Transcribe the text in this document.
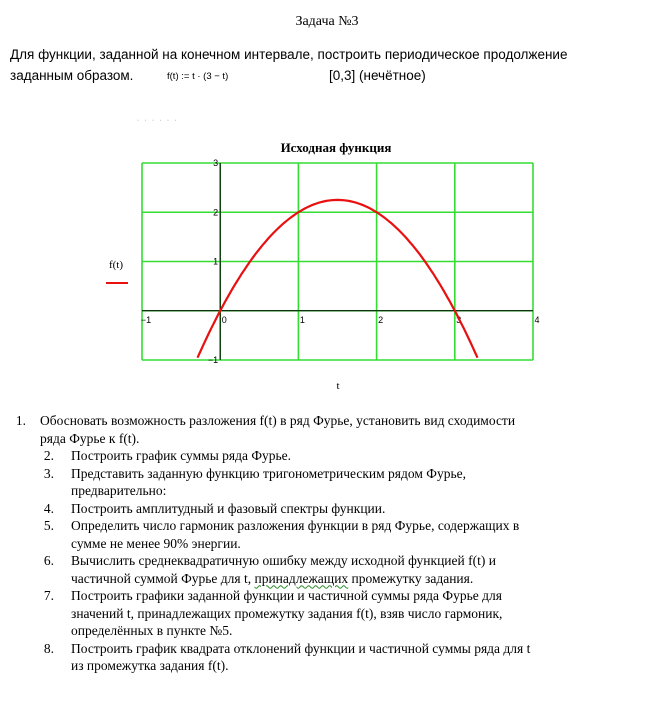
Задача №3
Для функции, заданной на конечном интервале, построить периодическое продолжение
заданным образом.	f(t) := t · (3 − t)	[0,3] (нечётное)
· · · · · ·
−1	0	1	2	3	4
−1
1
2
3
Исходная функция
f(t)
t
1. Обосновать возможность разложения f(t) в ряд Фурье, установить вид сходимости
ряда Фурье к f(t).
2. Построить график суммы ряда Фурье.
3. Представить заданную функцию тригонометрическим рядом Фурье,
предварительно:
4. Построить амплитудный и фазовый спектры функции.
5. Определить число гармоник разложения функции в ряд Фурье, содержащих в
сумме не менее 90% энергии.
6. Вычислить среднеквадратичную ошибку между исходной функцией f(t) и
частичной суммой Фурье для t, принадлежащих промежутку задания.
7. Построить графики заданной функции и частичной суммы ряда Фурье для
значений t, принадлежащих промежутку задания f(t), взяв число гармоник,
определённых в пункте №5.
8. Построить график квадрата отклонений функции и частичной суммы ряда для t
из промежутка задания f(t).
